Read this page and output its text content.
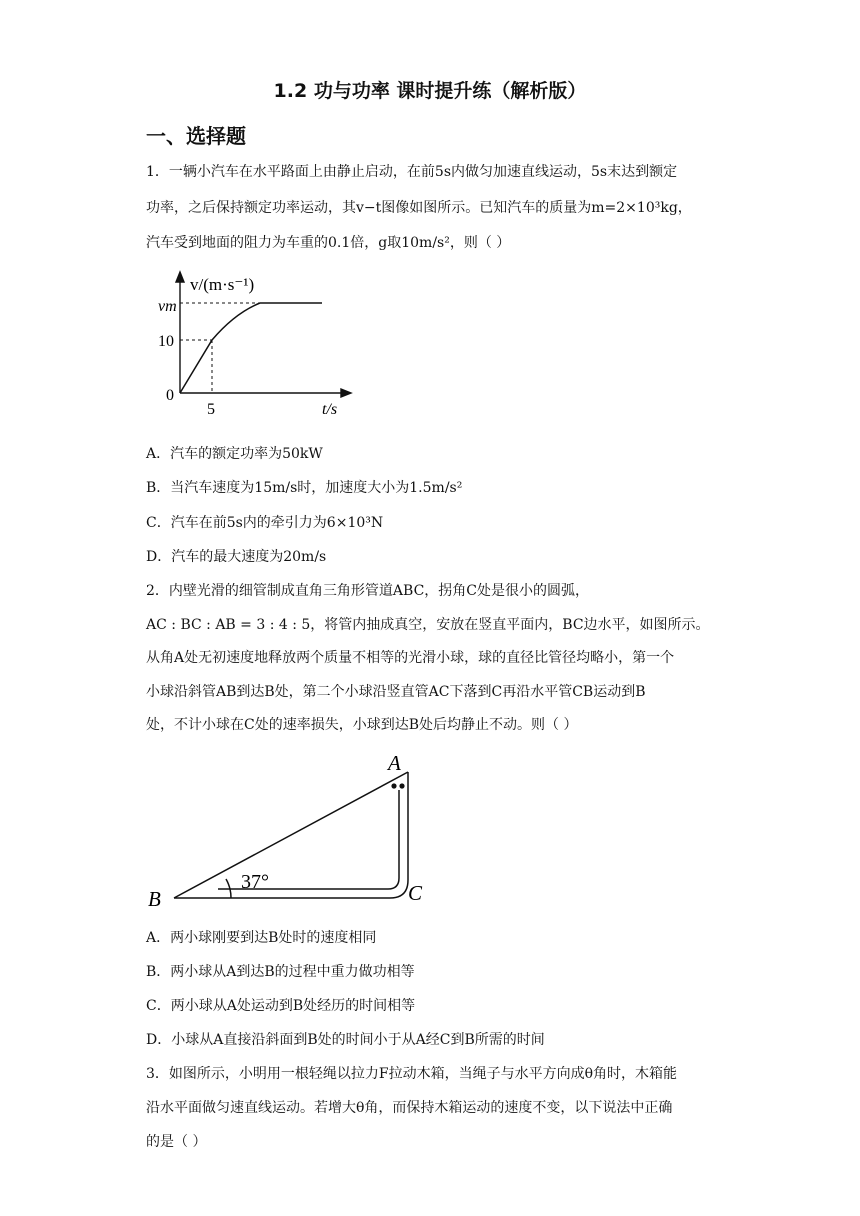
1.2 功与功率 课时提升练（解析版）
一、选择题
1．一辆小汽车在水平路面上由静止启动，在前5s内做匀加速直线运动，5s末达到额定
功率，之后保持额定功率运动，其v−t图像如图所示。已知汽车的质量为m=2×10³kg，
汽车受到地面的阻力为车重的0.1倍，g取10m/s²，则（ ）
v/(m·s⁻¹)
vm
10
0
5	t/s
A．汽车的额定功率为50kW
B．当汽车速度为15m/s时，加速度大小为1.5m/s²
C．汽车在前5s内的牵引力为6×10³N
D．汽车的最大速度为20m/s
2．内壁光滑的细管制成直角三角形管道ABC，拐角C处是很小的圆弧，
AC : BC : AB = 3 : 4 : 5，将管内抽成真空，安放在竖直平面内，BC边水平，如图所示。
从角A处无初速度地释放两个质量不相等的光滑小球，球的直径比管径均略小，第一个
小球沿斜管AB到达B处，第二个小球沿竖直管AC下落到C再沿水平管CB运动到B
处，不计小球在C处的速率损失，小球到达B处后均静止不动。则（ ）
A
B	C
37°
A．两小球刚要到达B处时的速度相同
B．两小球从A到达B的过程中重力做功相等
C．两小球从A处运动到B处经历的时间相等
D．小球从A直接沿斜面到B处的时间小于从A经C到B所需的时间
3．如图所示，小明用一根轻绳以拉力F拉动木箱，当绳子与水平方向成θ角时，木箱能
沿水平面做匀速直线运动。若增大θ角，而保持木箱运动的速度不变，以下说法中正确
的是（ ）
